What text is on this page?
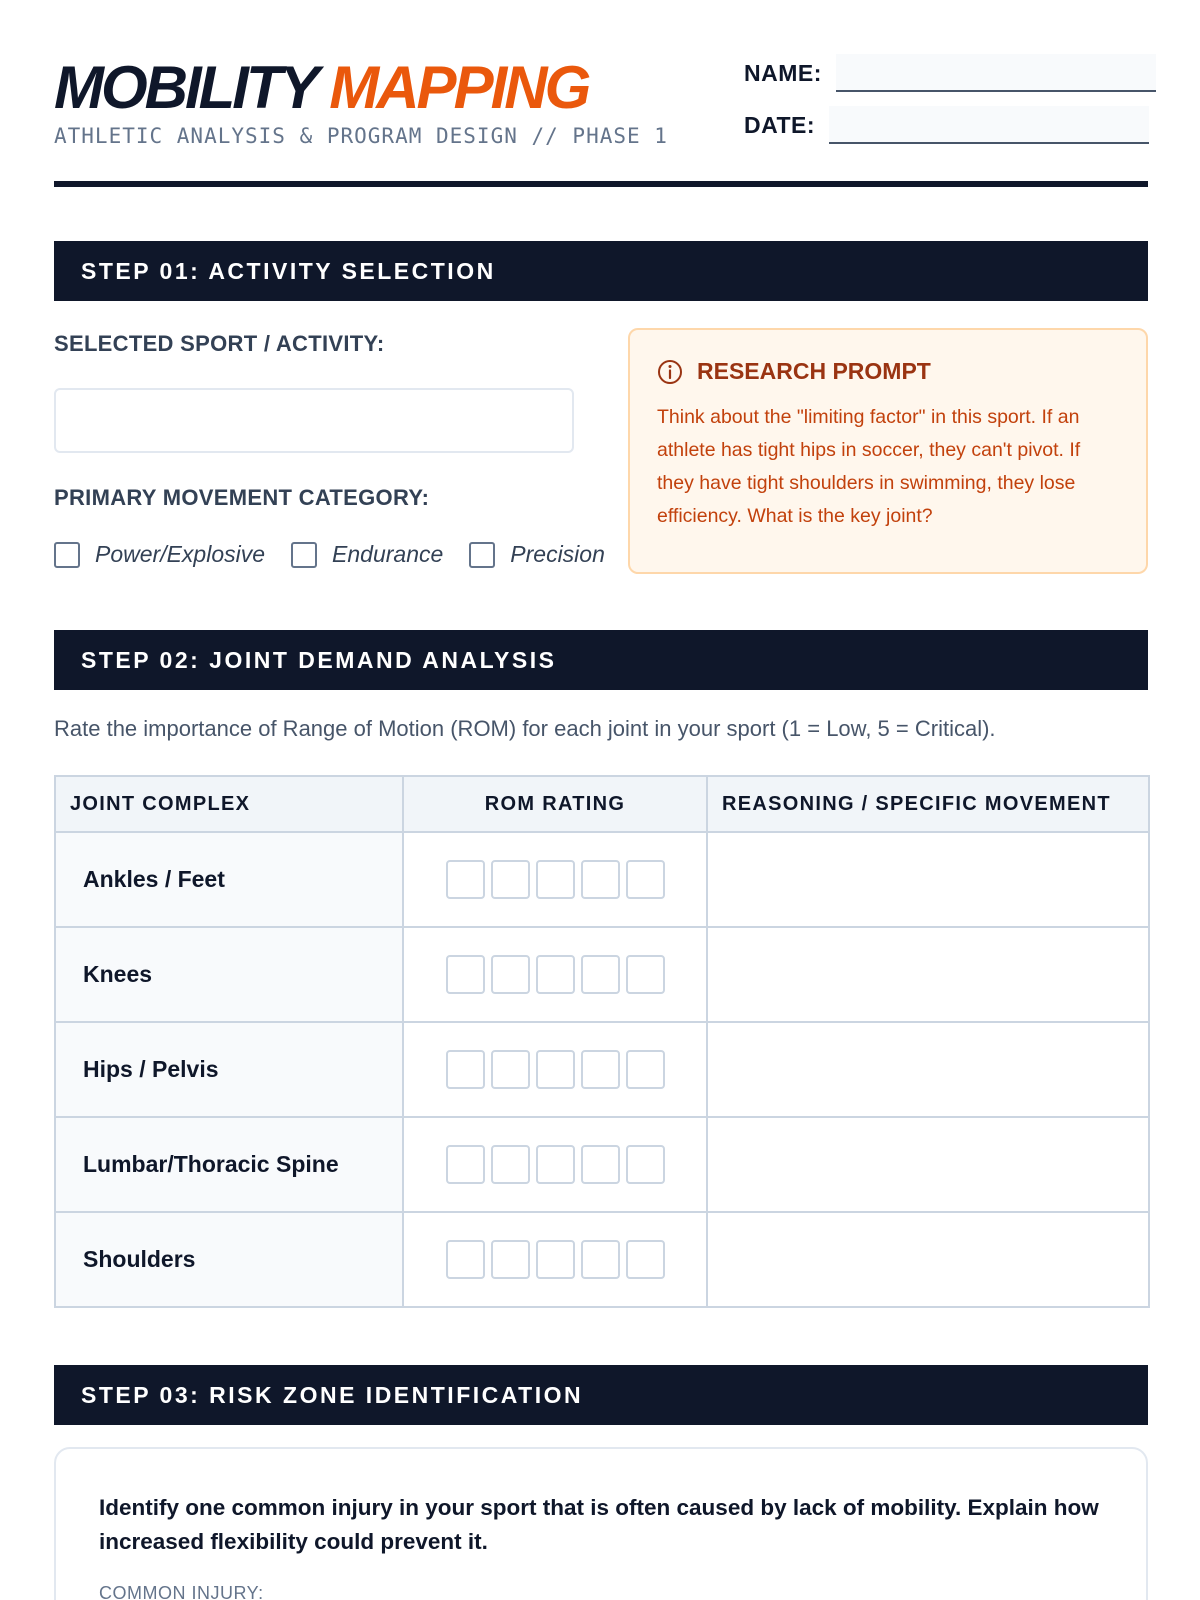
MOBILITY MAPPING
ATHLETIC ANALYSIS & PROGRAM DESIGN // PHASE 1
NAME:
DATE:
STEP 01: ACTIVITY SELECTION
SELECTED SPORT / ACTIVITY:
PRIMARY MOVEMENT CATEGORY:
Power/Explosive	Endurance	Precision
RESEARCH PROMPT
Think about the "limiting factor" in this sport. If an athlete has tight hips in soccer, they can't pivot. If they have tight shoulders in swimming, they lose efficiency. What is the key joint?
STEP 02: JOINT DEMAND ANALYSIS
Rate the importance of Range of Motion (ROM) for each joint in your sport (1 = Low, 5 = Critical).
JOINT COMPLEX	ROM RATING	REASONING / SPECIFIC MOVEMENT
Ankles / Feet	

Knees	

Hips / Pelvis	

Lumbar/Thoracic Spine	

Shoulders	

STEP 03: RISK ZONE IDENTIFICATION
Identify one common injury in your sport that is often caused by lack of mobility. Explain how increased flexibility could prevent it.
COMMON INJURY:
